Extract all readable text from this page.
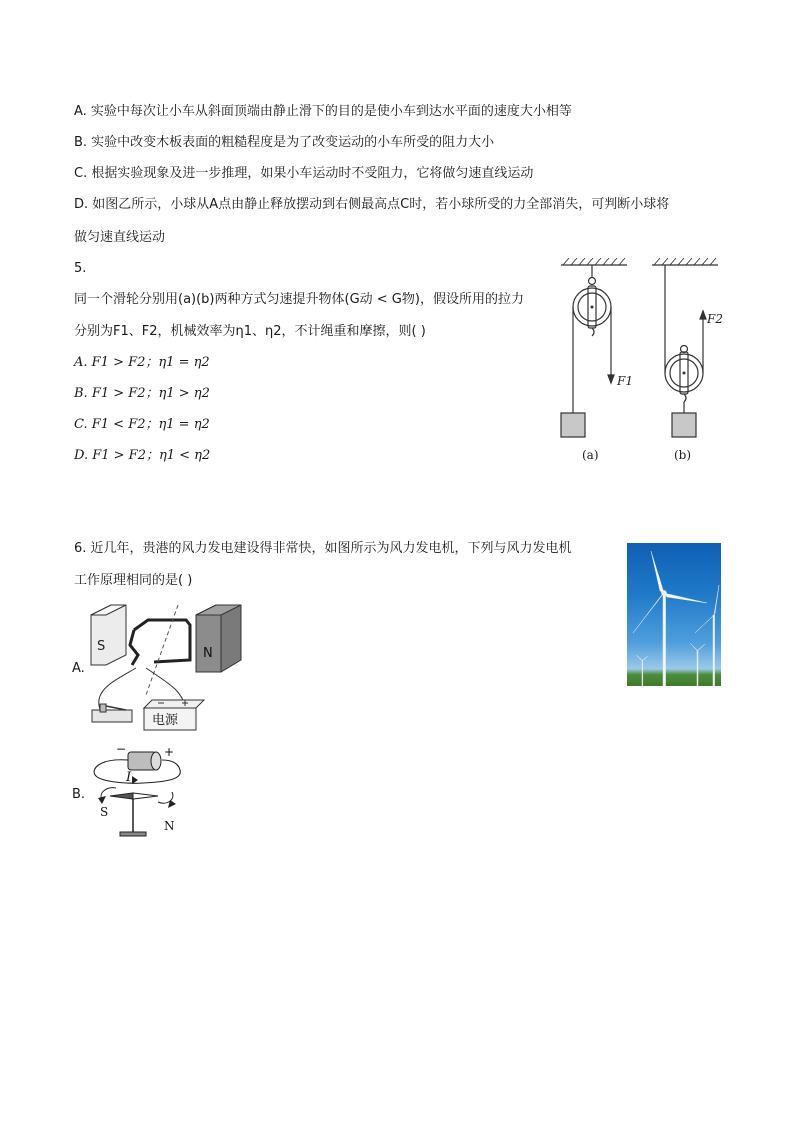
A. 实验中每次让小车从斜面顶端由静止滑下的目的是使小车到达水平面的速度大小相等
B. 实验中改变木板表面的粗糙程度是为了改变运动的小车所受的阻力大小
C. 根据实验现象及进一步推理，如果小车运动时不受阻力，它将做匀速直线运动
D. 如图乙所示，小球从A点由静止释放摆动到右侧最高点C时，若小球所受的力全部消失，可判断小球将
做匀速直线运动
5.
同一个滑轮分别用(a)(b)两种方式匀速提升物体(G动 < G物)，假设所用的拉力
分别为F1、F2，机械效率为η1、η2，不计绳重和摩擦，则( )
A. F1 > F2；η1 = η2
B. F1 > F2；η1 > η2
C. F1 < F2；η1 = η2
D. F1 > F2；η1 < η2
F1
F2
(a)	(b)
6. 近几年，贵港的风力发电建设得非常快，如图所示为风力发电机，下列与风力发电机
工作原理相同的是( )
A.
S	N
电源
B.
−	+
I
S
N
